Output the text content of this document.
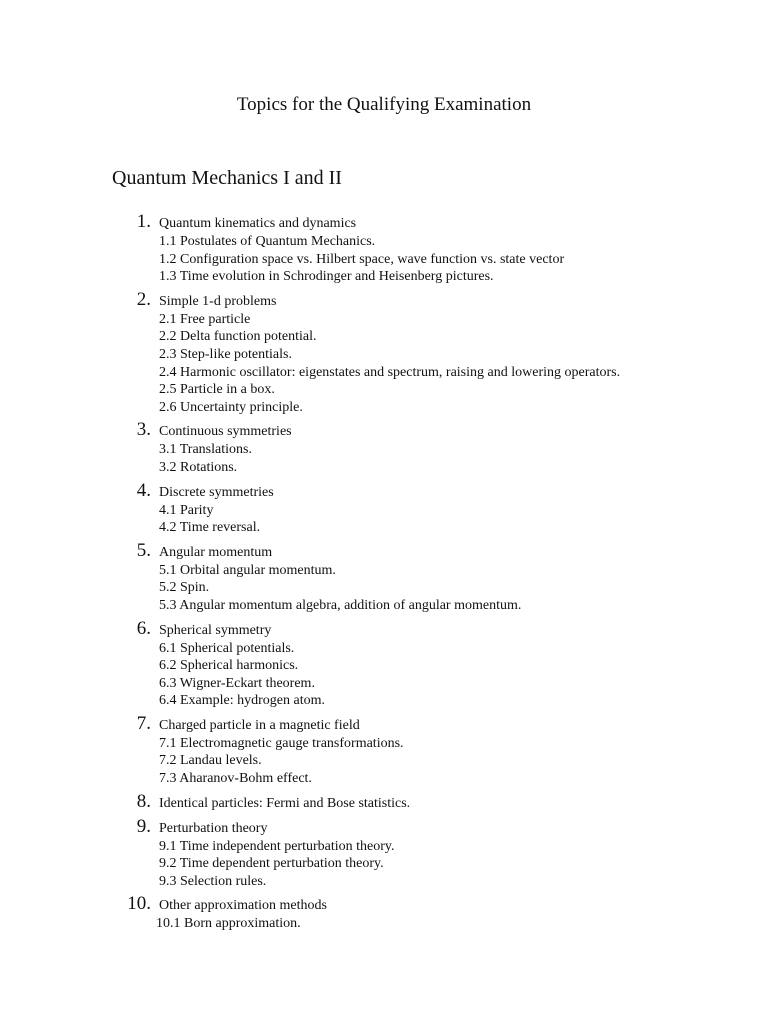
Topics for the Qualifying Examination
Quantum Mechanics I and II
1. Quantum kinematics and dynamics
1.1 Postulates of Quantum Mechanics.
1.2 Configuration space vs. Hilbert space, wave function vs. state vector
1.3 Time evolution in Schrodinger and Heisenberg pictures.
2. Simple 1-d problems
2.1 Free particle
2.2 Delta function potential.
2.3 Step-like potentials.
2.4 Harmonic oscillator: eigenstates and spectrum, raising and lowering operators.
2.5 Particle in a box.
2.6 Uncertainty principle.
3. Continuous symmetries
3.1 Translations.
3.2 Rotations.
4. Discrete symmetries
4.1 Parity
4.2 Time reversal.
5. Angular momentum
5.1 Orbital angular momentum.
5.2 Spin.
5.3 Angular momentum algebra, addition of angular momentum.
6. Spherical symmetry
6.1 Spherical potentials.
6.2 Spherical harmonics.
6.3 Wigner-Eckart theorem.
6.4 Example: hydrogen atom.
7. Charged particle in a magnetic field
7.1 Electromagnetic gauge transformations.
7.2 Landau levels.
7.3 Aharanov-Bohm effect.
8. Identical particles: Fermi and Bose statistics.
9. Perturbation theory
9.1 Time independent perturbation theory.
9.2 Time dependent perturbation theory.
9.3 Selection rules.
10. Other approximation methods
10.1 Born approximation.
